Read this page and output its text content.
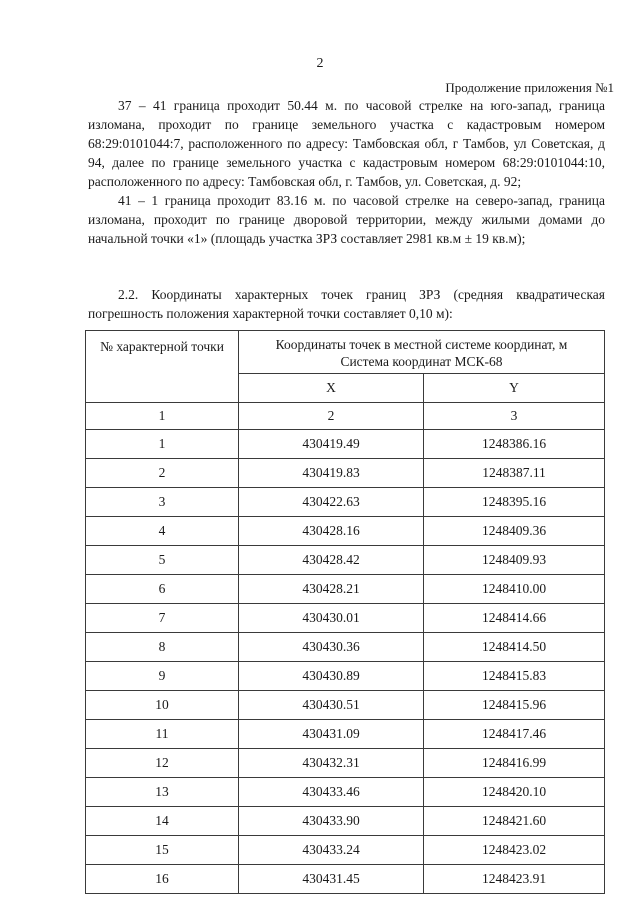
2
Продолжение приложения №1

37 – 41 граница проходит 50.44 м. по часовой стрелке на юго-запад, граница изломана, проходит по границе земельного участка с кадастровым номером 68:29:0101044:7, расположенного по адресу: Тамбовская обл, г Тамбов, ул Советская, д 94, далее по границе земельного участка с кадастровым номером 68:29:0101044:10, расположенного по адресу: Тамбовская обл, г. Тамбов, ул. Советская, д. 92;

41 – 1 граница проходит 83.16 м. по часовой стрелке на северо-запад, граница изломана, проходит по границе дворовой территории, между жилыми домами до начальной точки «1» (площадь участка ЗРЗ составляет 2981 кв.м ± 19 кв.м);

2.2. Координаты характерных точек границ ЗРЗ (средняя квадратическая погрешность положения характерной точки составляет 0,10 м):

№ характерной точки	Координаты точек в местной системе координат, м
Система координат МСК-68	

	X	Y
1	2	3
1	430419.49	1248386.16
2	430419.83	1248387.11
3	430422.63	1248395.16
4	430428.16	1248409.36
5	430428.42	1248409.93
6	430428.21	1248410.00
7	430430.01	1248414.66
8	430430.36	1248414.50
9	430430.89	1248415.83
10	430430.51	1248415.96
11	430431.09	1248417.46
12	430432.31	1248416.99
13	430433.46	1248420.10
14	430433.90	1248421.60
15	430433.24	1248423.02
16	430431.45	1248423.91
